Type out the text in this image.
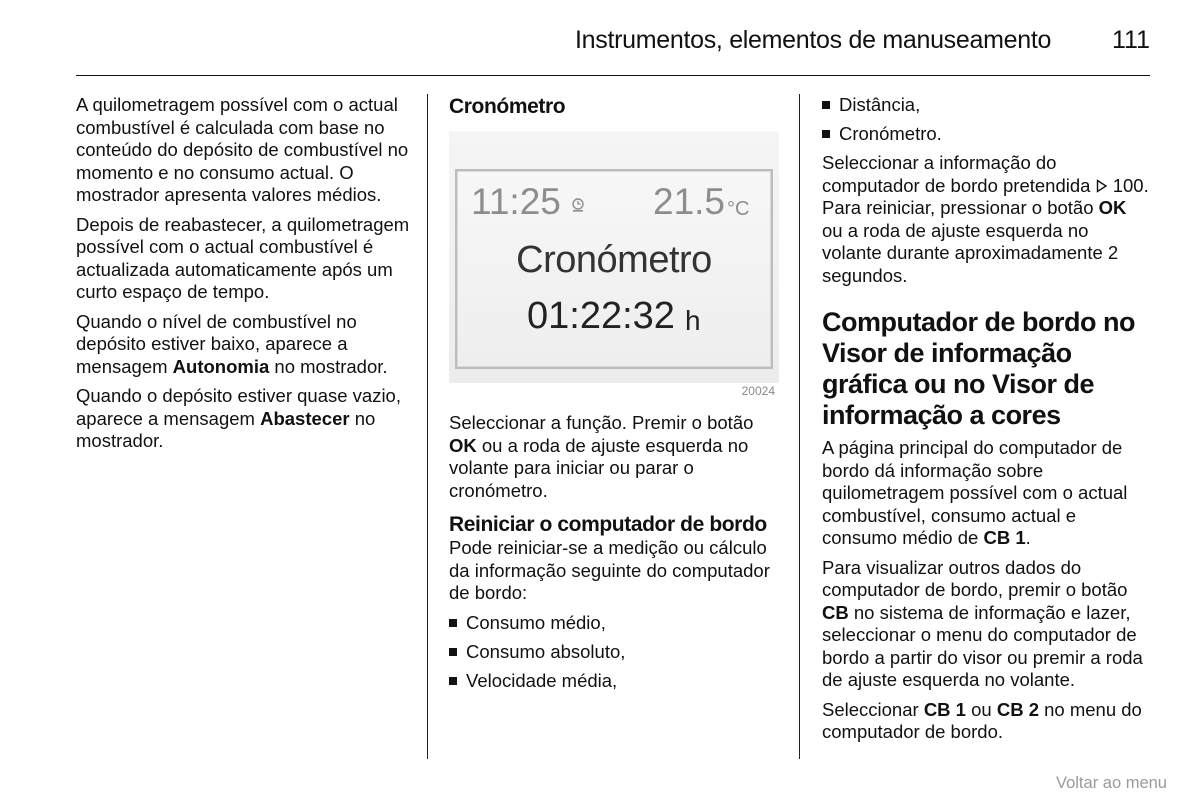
Instrumentos, elementos de manuseamento 111

A quilometragem possível com o actual combustível é calculada com base no conteúdo do depósito de combustível no momento e no consumo actual. O mostrador apresenta valores médios.

Depois de reabastecer, a quilometragem possível com o actual combustível é actualizada automaticamente após um curto espaço de tempo.

Quando o nível de combustível no depósito estiver baixo, aparece a mensagem Autonomia no mostrador.

Quando o depósito estiver quase vazio, aparece a mensagem Abastecer no mostrador.

Cronómetro
11:25 21.5 °C
Cronómetro
01:22:32 h
20024

Seleccionar a função. Premir o botão OK ou a roda de ajuste esquerda no volante para iniciar ou parar o cronómetro.

Reiniciar o computador de bordo

Pode reiniciar-se a medição ou cálculo da informação seguinte do computador de bordo:

Consumo médio,
Consumo absoluto,
Velocidade média,
Distância,
Cronómetro.

Seleccionar a informação do computador de bordo pretendida  100. Para reiniciar, pressionar o botão OK ou a roda de ajuste esquerda no volante durante aproximadamente 2 segundos.

Computador de bordo no Visor de informação gráfica ou no Visor de informação a cores

A página principal do computador de bordo dá informação sobre quilometragem possível com o actual combustível, consumo actual e consumo médio de CB 1.

Para visualizar outros dados do computador de bordo, premir o botão CB no sistema de informação e lazer, seleccionar o menu do computador de bordo a partir do visor ou premir a roda de ajuste esquerda no volante.

Seleccionar CB 1 ou CB 2 no menu do computador de bordo.

Voltar ao menu
